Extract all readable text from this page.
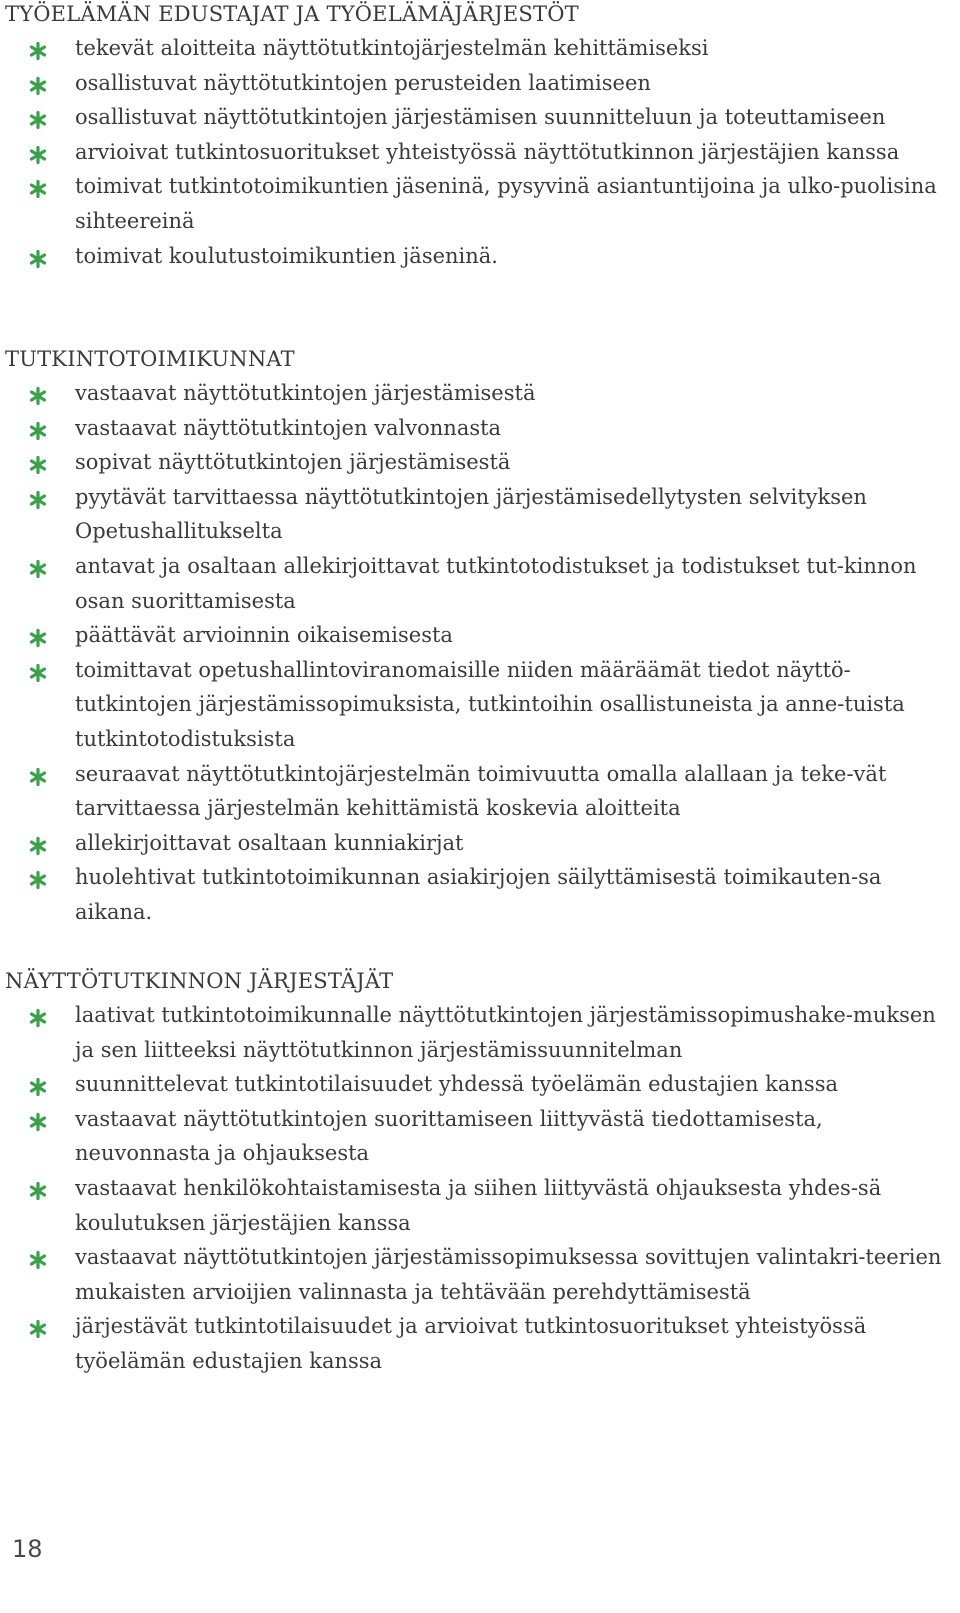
TYÖELÄMÄN EDUSTAJAT JA TYÖELÄMÄJÄRJESTÖT
tekevät aloitteita näyttötutkintojärjestelmän kehittämiseksi
osallistuvat näyttötutkintojen perusteiden laatimiseen
osallistuvat näyttötutkintojen järjestämisen suunnitteluun ja toteuttamiseen
arvioivat tutkintosuoritukset yhteistyössä näyttötutkinnon järjestäjien kanssa
toimivat tutkintotoimikuntien jäseninä, pysyvinä asiantuntijoina ja ulko-puolisina sihteereinä
toimivat koulutustoimikuntien jäseninä.
TUTKINTOTOIMIKUNNAT
vastaavat näyttötutkintojen järjestämisestä
vastaavat näyttötutkintojen valvonnasta
sopivat näyttötutkintojen järjestämisestä
pyytävät tarvittaessa näyttötutkintojen järjestämisedellytysten selvityksen Opetushallitukselta
antavat ja osaltaan allekirjoittavat tutkintotodistukset ja todistukset tut-kinnon osan suorittamisesta
päättävät arvioinnin oikaisemisesta
toimittavat opetushallintoviranomaisille niiden määräämät tiedot näyttö-tutkintojen järjestämissopimuksista, tutkintoihin osallistuneista ja anne-tuista tutkintotodistuksista
seuraavat näyttötutkintojärjestelmän toimivuutta omalla alallaan ja teke-vät tarvittaessa järjestelmän kehittämistä koskevia aloitteita
allekirjoittavat osaltaan kunniakirjat
huolehtivat tutkintotoimikunnan asiakirjojen säilyttämisestä toimikauten-sa aikana.
NÄYTTÖTUTKINNON JÄRJESTÄJÄT
laativat tutkintotoimikunnalle näyttötutkintojen järjestämissopimushake-muksen ja sen liitteeksi näyttötutkinnon järjestämissuunnitelman
suunnittelevat tutkintotilaisuudet yhdessä työelämän edustajien kanssa
vastaavat näyttötutkintojen suorittamiseen liittyvästä tiedottamisesta, neuvonnasta ja ohjauksesta
vastaavat henkilökohtaistamisesta ja siihen liittyvästä ohjauksesta yhdes-sä koulutuksen järjestäjien kanssa
vastaavat näyttötutkintojen järjestämissopimuksessa sovittujen valintakri-teerien mukaisten arvioijien valinnasta ja tehtävään perehdyttämisestä
järjestävät tutkintotilaisuudet ja arvioivat tutkintosuoritukset yhteistyössä työelämän edustajien kanssa
18
